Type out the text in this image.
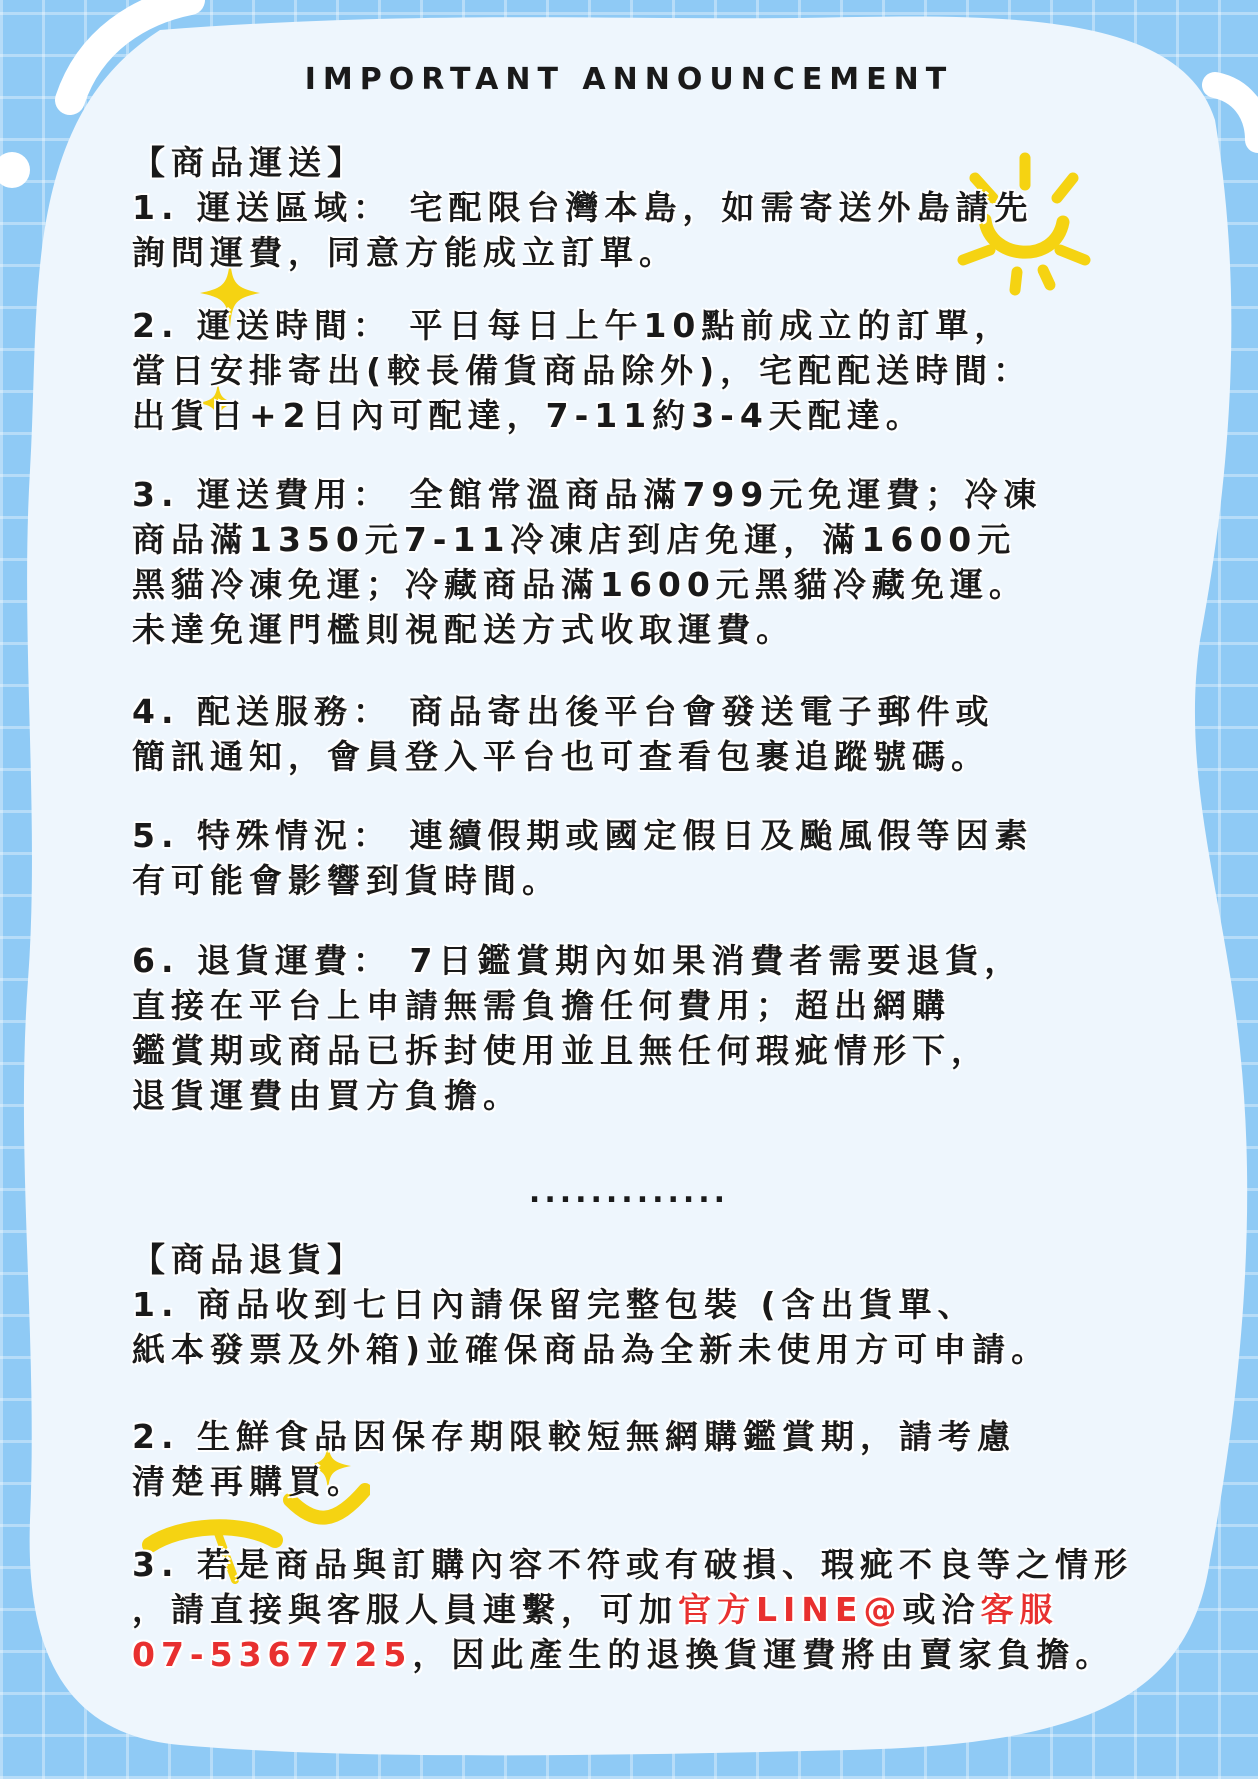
IMPORTANT ANNOUNCEMENT
【商品運送】
1. 運送區域： 宅配限台灣本島，如需寄送外島請先
詢問運費，同意方能成立訂單。
2. 運送時間： 平日每日上午10點前成立的訂單，
當日安排寄出(較長備貨商品除外)，宅配配送時間：
出貨日+2日內可配達，7-11約3-4天配達。
3. 運送費用： 全館常溫商品滿799元免運費；冷凍
商品滿1350元7-11冷凍店到店免運，滿1600元
黑貓冷凍免運；冷藏商品滿1600元黑貓冷藏免運。
未達免運門檻則視配送方式收取運費。
4. 配送服務： 商品寄出後平台會發送電子郵件或
簡訊通知，會員登入平台也可查看包裹追蹤號碼。
5. 特殊情況： 連續假期或國定假日及颱風假等因素
有可能會影響到貨時間。
6. 退貨運費： 7日鑑賞期內如果消費者需要退貨，
直接在平台上申請無需負擔任何費用；超出網購
鑑賞期或商品已拆封使用並且無任何瑕疵情形下，
退貨運費由買方負擔。
.............
【商品退貨】
1. 商品收到七日內請保留完整包裝 (含出貨單、
紙本發票及外箱)並確保商品為全新未使用方可申請。
2. 生鮮食品因保存期限較短無網購鑑賞期，請考慮
清楚再購買。
3. 若是商品與訂購內容不符或有破損、瑕疵不良等之情形
，請直接與客服人員連繫，可加官方LINE@或洽客服
07-5367725，因此產生的退換貨運費將由賣家負擔。
